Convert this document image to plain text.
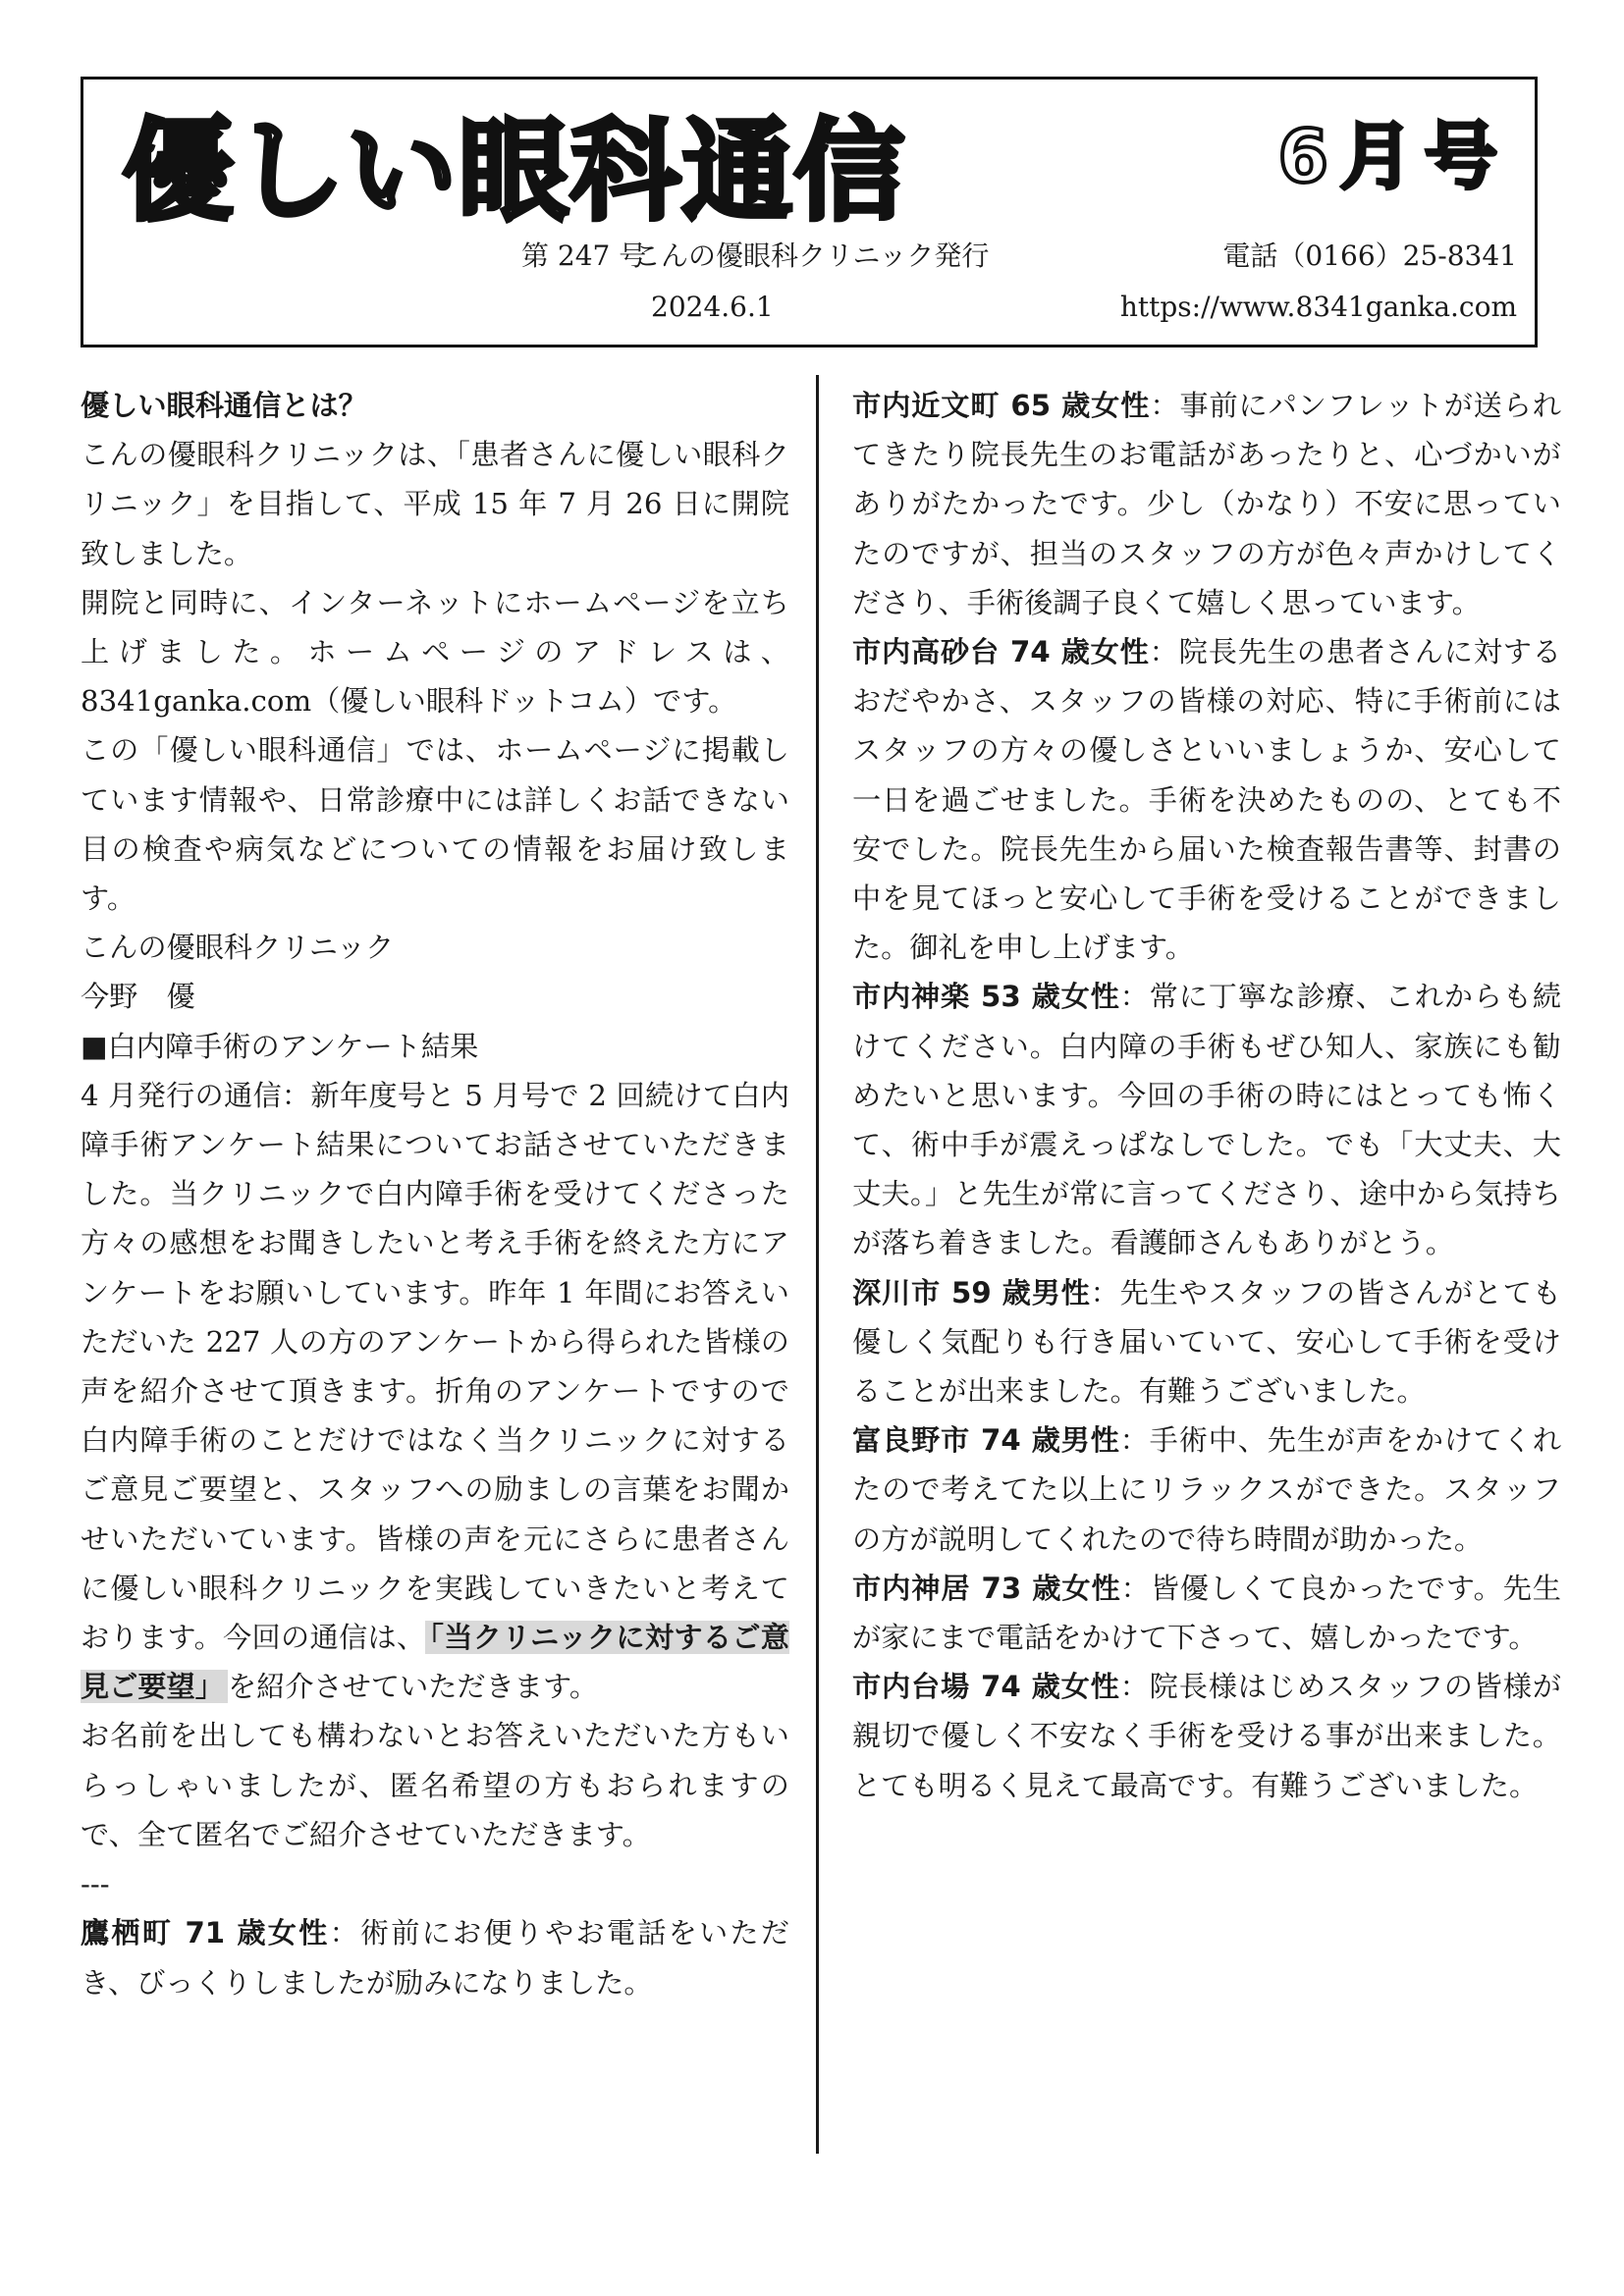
優しい眼科通信	6月号
第 247 号
こんの優眼科クリニック発行	電話（0166）25-8341
2024.6.1	https://www.8341ganka.com

優しい眼科通信とは？

こんの優眼科クリニックは、「患者さんに優しい眼科クリニック」を目指して、平成 15 年 7 月 26 日に開院致しました。

開院と同時に、インターネットにホームページを立ち上げました。ホームページのアドレスは、8341ganka.com（優しい眼科ドットコム）です。

この「優しい眼科通信」では、ホームページに掲載しています情報や、日常診療中には詳しくお話できない目の検査や病気などについての情報をお届け致します。

こんの優眼科クリニック

今野　優

■白内障手術のアンケート結果

4 月発行の通信：新年度号と 5 月号で 2 回続けて白内障手術アンケート結果についてお話させていただきました。当クリニックで白内障手術を受けてくださった方々の感想をお聞きしたいと考え手術を終えた方にアンケートをお願いしています。昨年 1 年間にお答えいただいた 227 人の方のアンケートから得られた皆様の声を紹介させて頂きます。折角のアンケートですので白内障手術のことだけではなく当クリニックに対するご意見ご要望と、スタッフへの励ましの言葉をお聞かせいただいています。皆様の声を元にさらに患者さんに優しい眼科クリニックを実践していきたいと考えております。今回の通信は、 「当クリニックに対するご意見ご要望」 を紹介させていただきます。

お名前を出しても構わないとお答えいただいた方もいらっしゃいましたが、匿名希望の方もおられますので、全て匿名でご紹介させていただきます。

---

鷹栖町 71 歳女性：術前にお便りやお電話をいただき、びっくりしましたが励みになりました。

市内近文町 65 歳女性：事前にパンフレットが送られてきたり院長先生のお電話があったりと、心づかいがありがたかったです。少し（かなり）不安に思っていたのですが、担当のスタッフの方が色々声かけしてくださり、手術後調子良くて嬉しく思っています。

市内高砂台 74 歳女性：院長先生の患者さんに対するおだやかさ、スタッフの皆様の対応、特に手術前にはスタッフの方々の優しさといいましょうか、安心して一日を過ごせました。手術を決めたものの、とても不安でした。院長先生から届いた検査報告書等、封書の中を見てほっと安心して手術を受けることができました。御礼を申し上げます。

市内神楽 53 歳女性：常に丁寧な診療、これからも続けてください。白内障の手術もぜひ知人、家族にも勧めたいと思います。今回の手術の時にはとっても怖くて、術中手が震えっぱなしでした。でも「大丈夫、大丈夫。」と先生が常に言ってくださり、途中から気持ちが落ち着きました。看護師さんもありがとう。

深川市 59 歳男性：先生やスタッフの皆さんがとても優しく気配りも行き届いていて、安心して手術を受けることが出来ました。有難うございました。

富良野市 74 歳男性：手術中、先生が声をかけてくれたので考えてた以上にリラックスができた。スタッフの方が説明してくれたので待ち時間が助かった。

市内神居 73 歳女性：皆優しくて良かったです。先生が家にまで電話をかけて下さって、嬉しかったです。

市内台場 74 歳女性：院長様はじめスタッフの皆様が親切で優しく不安なく手術を受ける事が出来ました。とても明るく見えて最高です。有難うございました。
